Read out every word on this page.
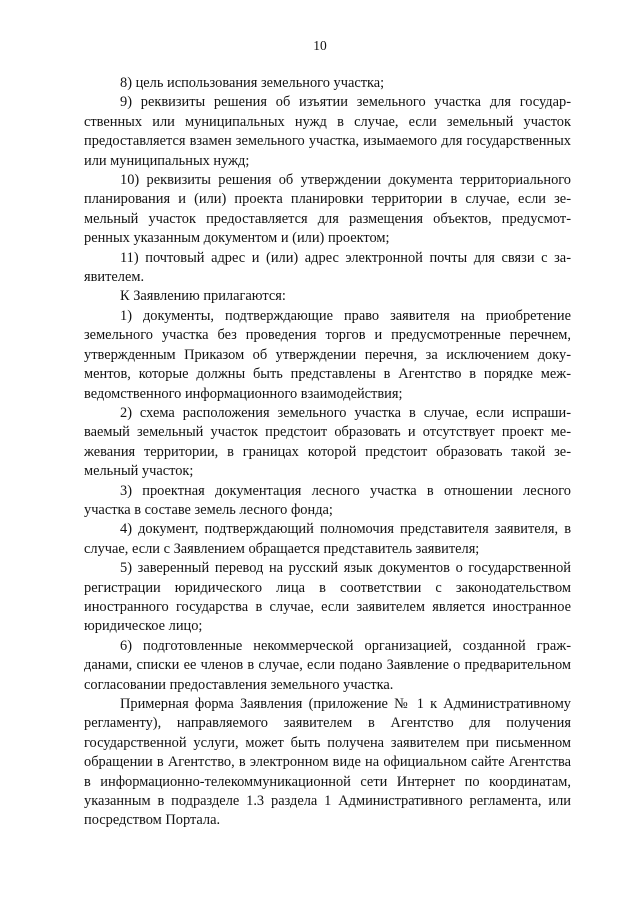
10

8) цель использования земельного участка;

9) реквизиты решения об изъятии земельного участка для государственных или муниципальных нужд в случае, если земельный участок предоставляется взамен земельного участка, изымаемого для государственных или муниципальных нужд;

10) реквизиты решения об утверждении документа территориального планирования и (или) проекта планировки территории в случае, если земельный участок предоставляется для размещения объектов, предусмотренных указанным документом и (или) проектом;

11) почтовый адрес и (или) адрес электронной почты для связи с заявителем.

К Заявлению прилагаются:

1) документы, подтверждающие право заявителя на приобретение земельного участка без проведения торгов и предусмотренные перечнем, утвержденным Приказом об утверждении перечня, за исключением документов, которые должны быть представлены в Агентство в порядке межведомственного информационного взаимодействия;

2) схема расположения земельного участка в случае, если испрашиваемый земельный участок предстоит образовать и отсутствует проект межевания территории, в границах которой предстоит образовать такой земельный участок;

3) проектная документация лесного участка в отношении лесного участка в составе земель лесного фонда;

4) документ, подтверждающий полномочия представителя заявителя, в случае, если с Заявлением обращается представитель заявителя;

5) заверенный перевод на русский язык документов о государственной регистрации юридического лица в соответствии с законодательством иностранного государства в случае, если заявителем является иностранное юридическое лицо;

6) подготовленные некоммерческой организацией, созданной гражданами, списки ее членов в случае, если подано Заявление о предварительном согласовании предоставления земельного участка.

Примерная форма Заявления (приложение № 1 к Административному регламенту), направляемого заявителем в Агентство для получения государственной услуги, может быть получена заявителем при письменном обращении в Агентство, в электронном виде на официальном сайте Агентства в информационно-телекоммуникационной сети Интернет по координатам, указанным в подразделе 1.3 раздела 1 Административного регламента, или посредством Портала.
